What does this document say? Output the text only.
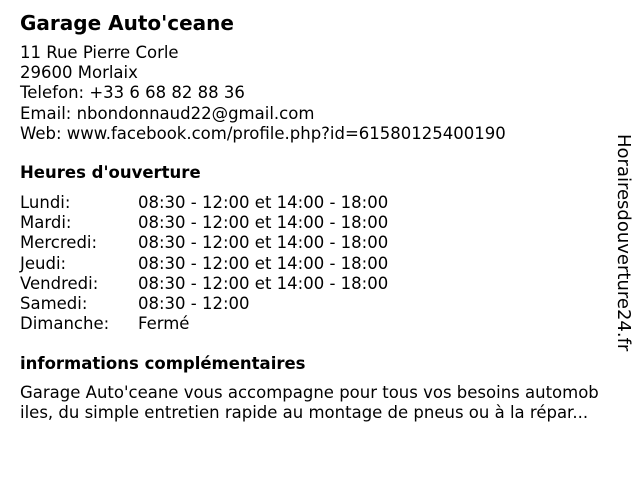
Garage Auto'ceane
11 Rue Pierre Corle
29600 Morlaix
Telefon: +33 6 68 82 88 36
Email: nbondonnaud22@gmail.com
Web: www.facebook.com/profile.php?id=61580125400190
Heures d'ouverture
Lundi:	08:30 - 12:00 et 14:00 - 18:00
Mardi:	08:30 - 12:00 et 14:00 - 18:00
Mercredi: 08:30 - 12:00 et 14:00 - 18:00
Jeudi:	08:30 - 12:00 et 14:00 - 18:00
Vendredi: 08:30 - 12:00 et 14:00 - 18:00
Samedi:	08:30 - 12:00
Dimanche: Fermé
informations complémentaires
Garage Auto'ceane vous accompagne pour tous vos besoins automob
iles, du simple entretien rapide au montage de pneus ou à la répar...
Horairesdouverture24.fr
